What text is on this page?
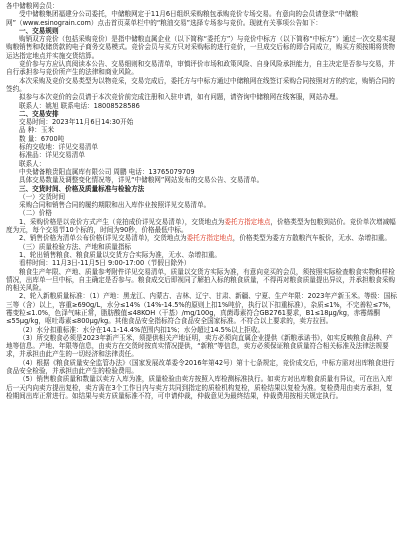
各中储粮网会员：

受中储粮集团福建分公司委托，中储粮网定于11月6日组织采购粮包承购竞价专场交易。有意向的会员请登录“中储粮网”（www.esinograin.com）点击首页菜单栏中的“粮油交易”选择专场参与竞价。现就有关事项公告如下：

一、交易规则

购销双方竞价（包括采购竞价）是指中储粮直属企业（以下简称“委托方”）与竞价中标方（以下简称“中标方”）通过一次交易实现购粮销售和收储货款的电子商务交易模式。竞价会员与买方只对采购标的进行竞价，一旦成交后标的即合同成立，购买方须按期将货物运达指定地点并实施交货结算。

竞价参与方应认真阅读本公告、交易细则和交易清单，审慎评价市场和政策风险、自身风险承担能力，自主决定是否参与交易，并自行承担参与竞价所产生的法律和商业风险。

本次采购及竞价交易类型为以物竞采，交易完成后，委托方与中标方通过中储粮网在线签订采购合同按照对方的约定，购销合同的签约。

拟参与本次竞价的会员请于本次竞价前完成注册和入驻申请，如有问题，请咨询中储粮网在线客服，网站办理。

联系人：姚旭 联系电话：18008528586

二、交易安排

交易时间：2023年11月6日14:30开始

品 种：玉米

数 量：6700吨

标的交收地：详见交易清单

标准品：详见交易清单

联系人：

中央储备粮贵阳直属库有限公司 周鹏 电话：13765079709

具体交易数量及调整变化情况等，详见“中储粮网”网站发布的交易公告、交易清单。

三、交货时间、价格及质量标准与检验方法

（一）交货时间

采购合同和销售合同的履约期限和出入库作业按照详见交易清单。

（二）价格

1、采购价格是以竞价方式产生（竞拍成价详见交易清单），交货地点为委托方指定地点，价格类型为包粮到站价。竞价单次增减幅度为元，每个交易节10个标的，时间为90秒，价格最低中标。

2、销售价格为清单公布价格(详见交易清单)，交货地点为委托方指定地点，价格类型为委方方散粮汽车板价，无水、杂增扣重。

（三）质量检验方法、产地和质量指标

1、轮出销售粮食、粮食质量以交货方合实际为准，无水、杂增扣重。

看样时间：11月3日-11月5日 9:00-17:00（节假日除外）

粮食生产年限、产地、质量参考附件详见交易清单，质量以交货方实际为准，有意向竞买的会员，须按照实际检查粮食实物和样检情况，出库单一旦中标，自主确定是否参与。粮食成交后即视同了解拍入标的粮食质量，不得再对粮食质量提出异议，并承担粮食采购的相关风险。

2、轮入新粮质量标准：（1）产地：黑龙江、内蒙古、吉林、辽宁、甘肃、新疆、宁夏、生产年限：2023年产新玉米。等级：国标三等（含）以上，容重≥690g/L，水分≤14%（14%-14.5%的原则上扣1%吨价，执行以下扣重标准），杂质≤1%，不完善粒≤7%，霉变粒≤1.0%，色泽气味正常，脂肪酸值≤48KOH（干基）/mg/100g，真菌毒素符合GB2761要求，B1≤18μg/kg，赤霉烯酮≤55μg/kg，呕吐毒素≤800μg/kg。其他食品安全指标符合食品安全国家标准。不符合以上要求的，卖方拉回。

（2）水分扣重标准：水分在14.1-14.4%范围内扣1%；水分超过14.5%以上拒收。

（3）所交粮食必须是2023年新产玉米，须提供相关产地证明，卖方必须向直属企业提供《新粮承诺书》，如实反映粮食品种、产地等信息。产地、年限等信息，由卖方在交货时按真实情况提供，“新粮”等信息，卖方必须保证粮食质量符合相关标准及法律法规要求，并承担由此产生的一切经济和法律责任。

（4）根据《粮食质量安全监管办法》（国家发展改革委令2016年第42号）第十七条规定，竞价成交后，中标方需对出库粮食进行食品安全检验，并承担由此产生的检验费用。

（5）销售粮食质量和数量以卖方入库为准，质量检验由卖方按照入库检测标准执行。如卖方对出库粮食质量有异议，可在出入库后一天内向卖方提出复检，卖方需在3个工作日内与卖方共同到指定的质检机构复检，质检结果以复检为准。复检费用由卖方承担，复检期间出库正常进行。如结果与卖方质量标准不符，可申请仲裁，仲裁意见为最终结果，仲裁费用按相关规定执行。
